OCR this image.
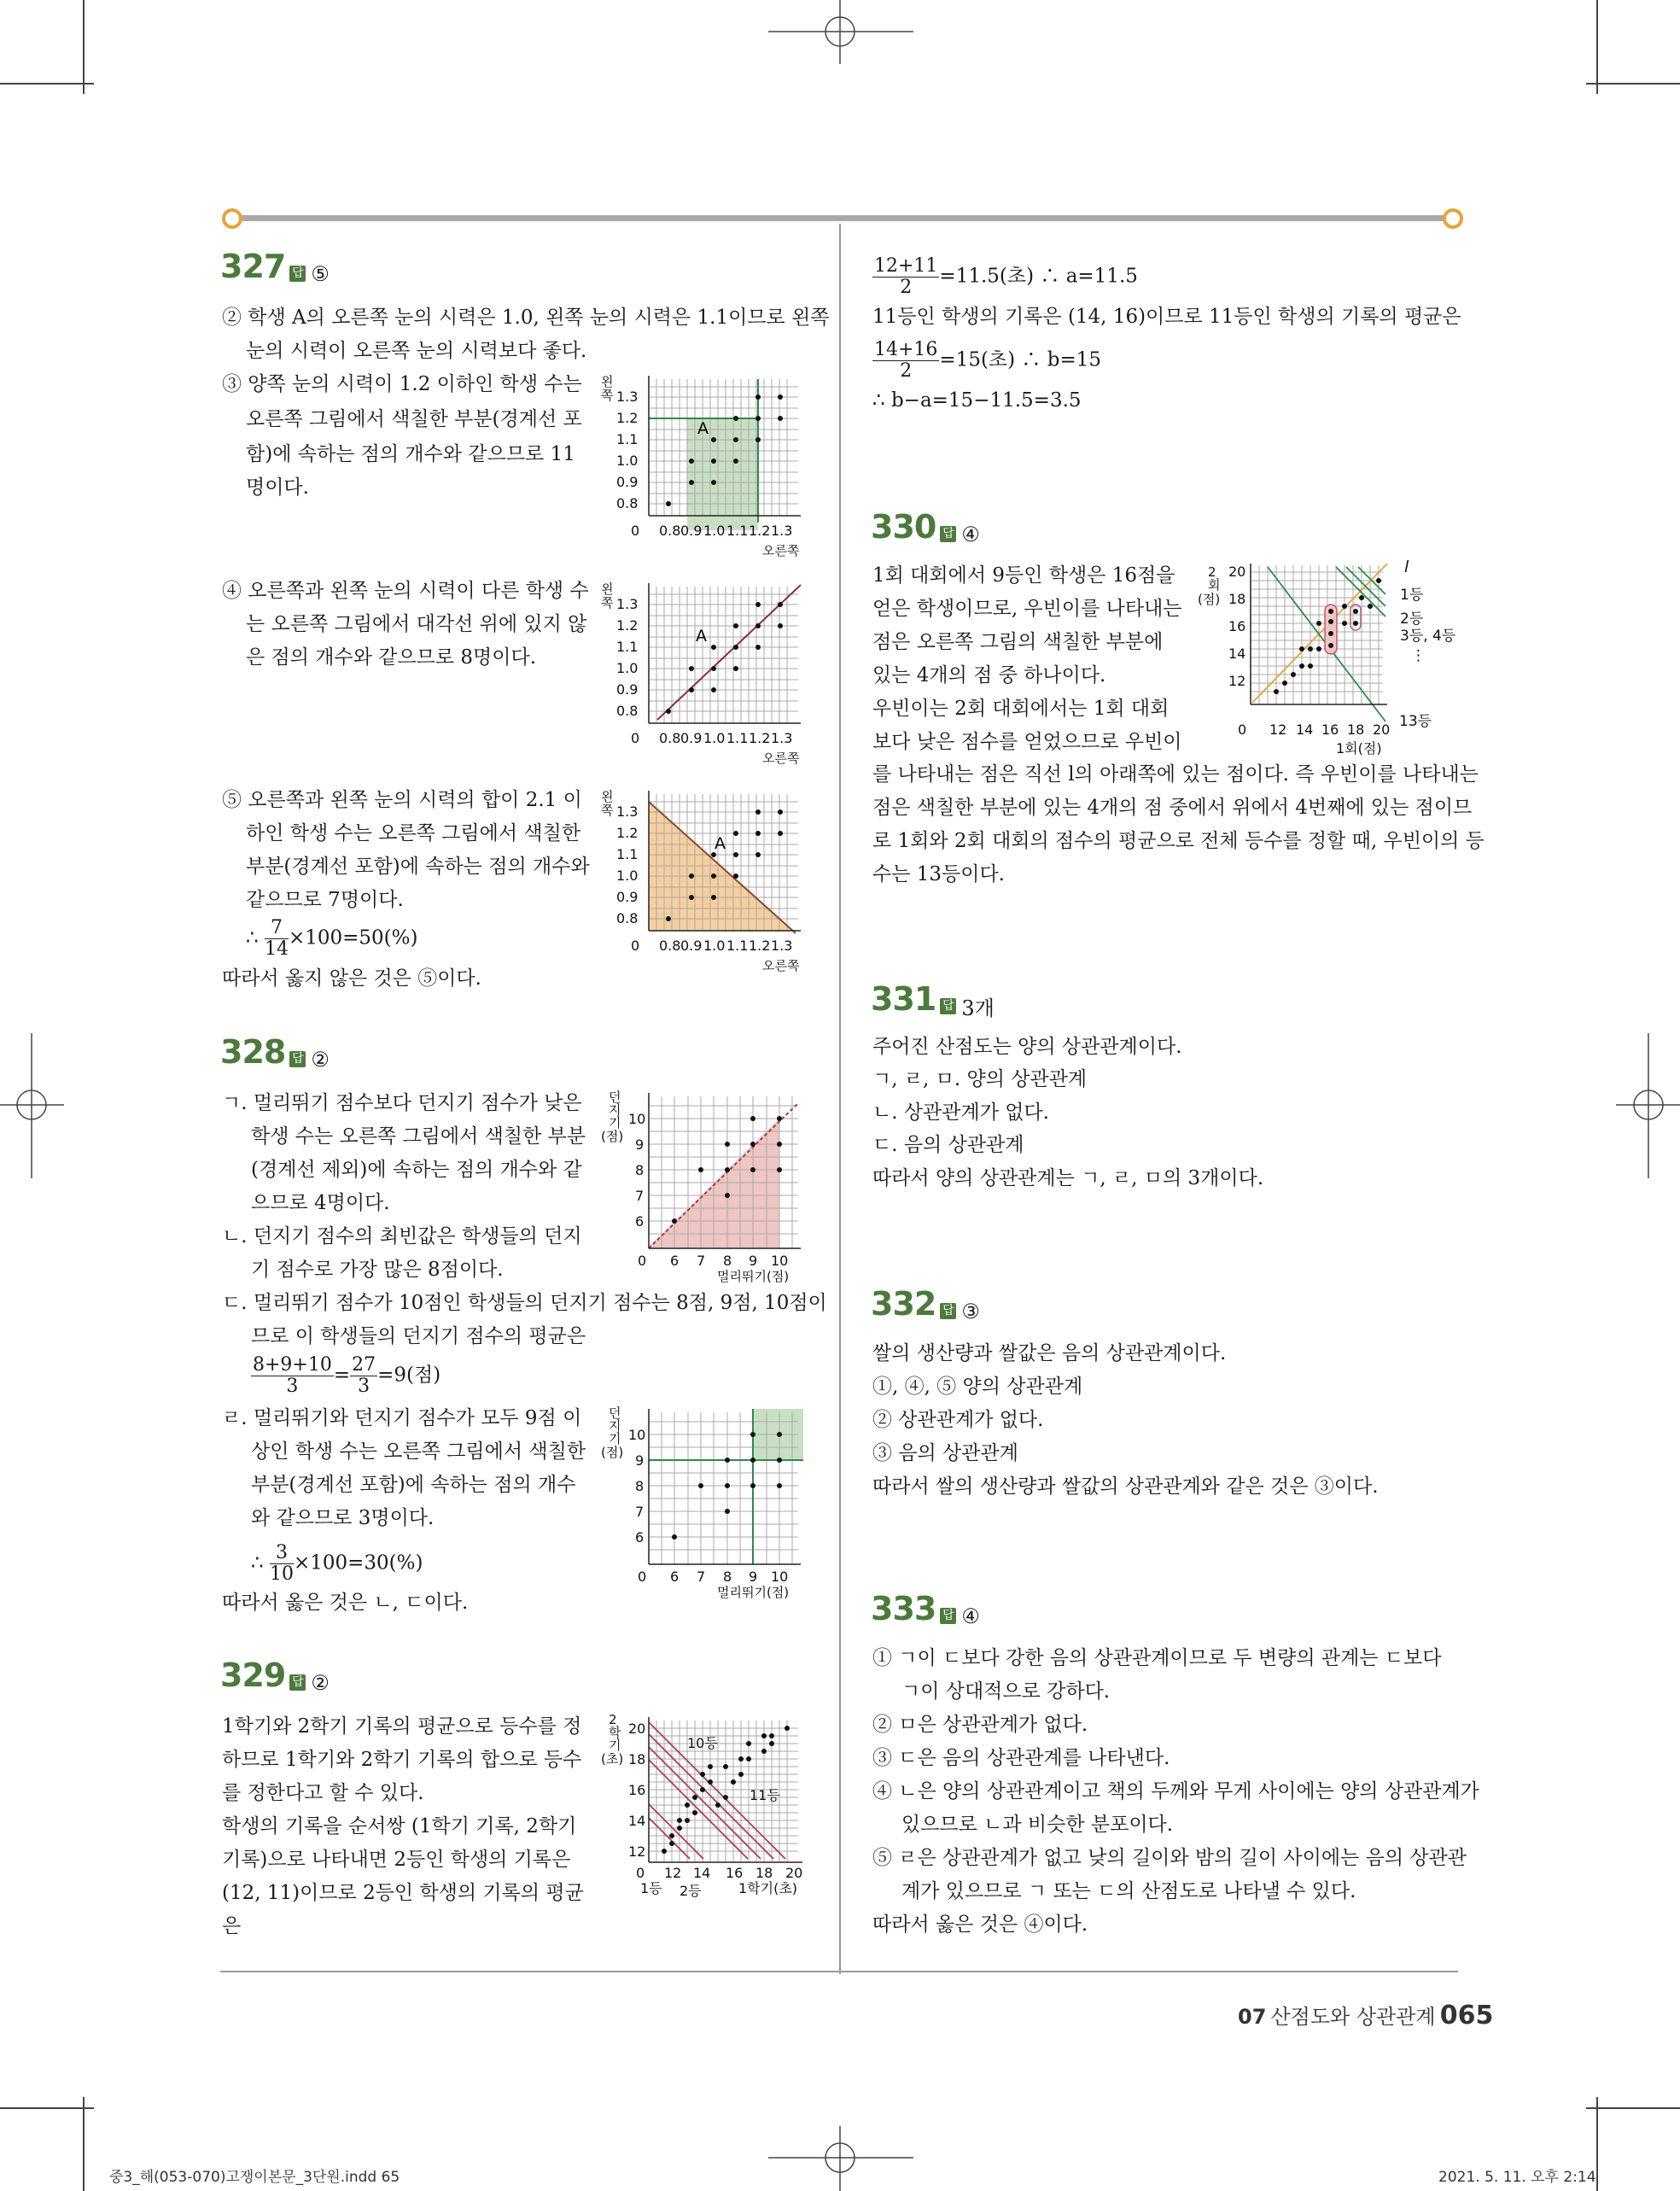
327 답 ⑤
② 학생 A의 오른쪽 눈의 시력은 1.0, 왼쪽 눈의 시력은 1.1이므로 왼쪽
눈의 시력이 오른쪽 눈의 시력보다 좋다.
③ 양쪽 눈의 시력이 1.2 이하인 학생 수는
오른쪽 그림에서 색칠한 부분(경계선 포
함)에 속하는 점의 개수와 같으므로 11
명이다.
④ 오른쪽과 왼쪽 눈의 시력이 다른 학생 수
는 오른쪽 그림에서 대각선 위에 있지 않
은 점의 개수와 같으므로 8명이다.
⑤ 오른쪽과 왼쪽 눈의 시력의 합이 2.1 이
하인 학생 수는 오른쪽 그림에서 색칠한
부분(경계선 포함)에 속하는 점의 개수와
같으므로 7명이다.
∴ $\frac{7}{14} \times 100=50(\%)$
따라서 옳지 않은 것은 ⑤이다.
328 답 ②
ㄱ. 멀리뛰기 점수보다 던지기 점수가 낮은
학생 수는 오른쪽 그림에서 색칠한 부분
(경계선 제외)에 속하는 점의 개수와 같
으므로 4명이다.
ㄴ. 던지기 점수의 최빈값은 학생들의 던지
기 점수로 가장 많은 8점이다.
ㄷ. 멀리뛰기 점수가 10점인 학생들의 던지기 점수는 8점, 9점, 10점이
므로 이 학생들의 던지기 점수의 평균은
$\frac{8+9+10}{3} = \frac{27}{3} =9$(점)
ㄹ. 멀리뛰기와 던지기 점수가 모두 9점 이
상인 학생 수는 오른쪽 그림에서 색칠한
부분(경계선 포함)에 속하는 점의 개수
와 같으므로 3명이다.
∴ $\frac{3}{10} \times 100=30(\%)$
따라서 옳은 것은 ㄴ, ㄷ이다.
329 답 ②
1학기와 2학기 기록의 평균으로 등수를 정
하므로 1학기와 2학기 기록의 합으로 등수
를 정한다고 할 수 있다.
학생의 기록을 순서쌍 (1학기 기록, 2학기
기록)으로 나타내면 2등인 학생의 기록은
(12, 11)이므로 2등인 학생의 기록의 평균
은
A
왼
쪽 1.3
1.2
1.1
1.0
0.9
0.8
0 0.8 0.9 1.0 1.1 1.2 1.3
오른쪽
A
왼
쪽 1.3
1.2
1.1
1.0
0.9
0.8
0 0.8 0.9 1.0 1.1 1.2 1.3
오른쪽
A
왼
쪽 1.3
1.2
1.1
1.0
0.9
0.8
0 0.8 0.9 1.0 1.1 1.2 1.3
오른쪽
던
지
기
(점)
10
9
8
7
6
0 6 7 8 9 10
멀리뛰기(점)
던
지
기
(점)
10
9
8
7
6
0 6 7 8 9 10
멀리뛰기(점)
2
학
기
(초)
20
18
16
14
12
0 12 14 16 18 20
1학기(초)
10등
11등
1등 2등
$\frac{12+11}{2} =11.5$(초) ∴ a=11.5
11등인 학생의 기록은 (14, 16)이므로 11등인 학생의 기록의 평균은
$\frac{14+16}{2} =15$(초) ∴ b=15
∴ b−a=15−11.5=3.5
330 답 ④
1회 대회에서 9등인 학생은 16점을
얻은 학생이므로, 우빈이를 나타내는
점은 오른쪽 그림의 색칠한 부분에
있는 4개의 점 중 하나이다.
우빈이는 2회 대회에서는 1회 대회
보다 낮은 점수를 얻었으므로 우빈이
를 나타내는 점은 직선 l의 아래쪽에 있는 점이다. 즉 우빈이를 나타내는
점은 색칠한 부분에 있는 4개의 점 중에서 위에서 4번째에 있는 점이므
로 1회와 2회 대회의 점수의 평균으로 전체 등수를 정할 때, 우빈이의 등
수는 13등이다.
2
회
(점)
20
18
16
14
12
0 12 14 16 18 20
1회(점)
l
1등
2등
3등, 4등
⋮
13등
331 답 3개
주어진 산점도는 양의 상관관계이다.
ㄱ, ㄹ, ㅁ. 양의 상관관계
ㄴ. 상관관계가 없다.
ㄷ. 음의 상관관계
따라서 양의 상관관계는 ㄱ, ㄹ, ㅁ의 3개이다.
332 답 ③
쌀의 생산량과 쌀값은 음의 상관관계이다.
①, ④, ⑤ 양의 상관관계
② 상관관계가 없다.
③ 음의 상관관계
따라서 쌀의 생산량과 쌀값의 상관관계와 같은 것은 ③이다.
333 답 ④
① ㄱ이 ㄷ보다 강한 음의 상관관계이므로 두 변량의 관계는 ㄷ보다
ㄱ이 상대적으로 강하다.
② ㅁ은 상관관계가 없다.
③ ㄷ은 음의 상관관계를 나타낸다.
④ ㄴ은 양의 상관관계이고 책의 두께와 무게 사이에는 양의 상관관계가
있으므로 ㄴ과 비슷한 분포이다.
⑤ ㄹ은 상관관계가 없고 낮의 길이와 밤의 길이 사이에는 음의 상관관
계가 있으므로 ㄱ 또는 ㄷ의 산점도로 나타낼 수 있다.
따라서 옳은 것은 ④이다.
07 산점도와 상관관계 065
중3_해(053-070)고쟁이본문_3단원.indd 65	2021. 5. 11. 오후 2:14
